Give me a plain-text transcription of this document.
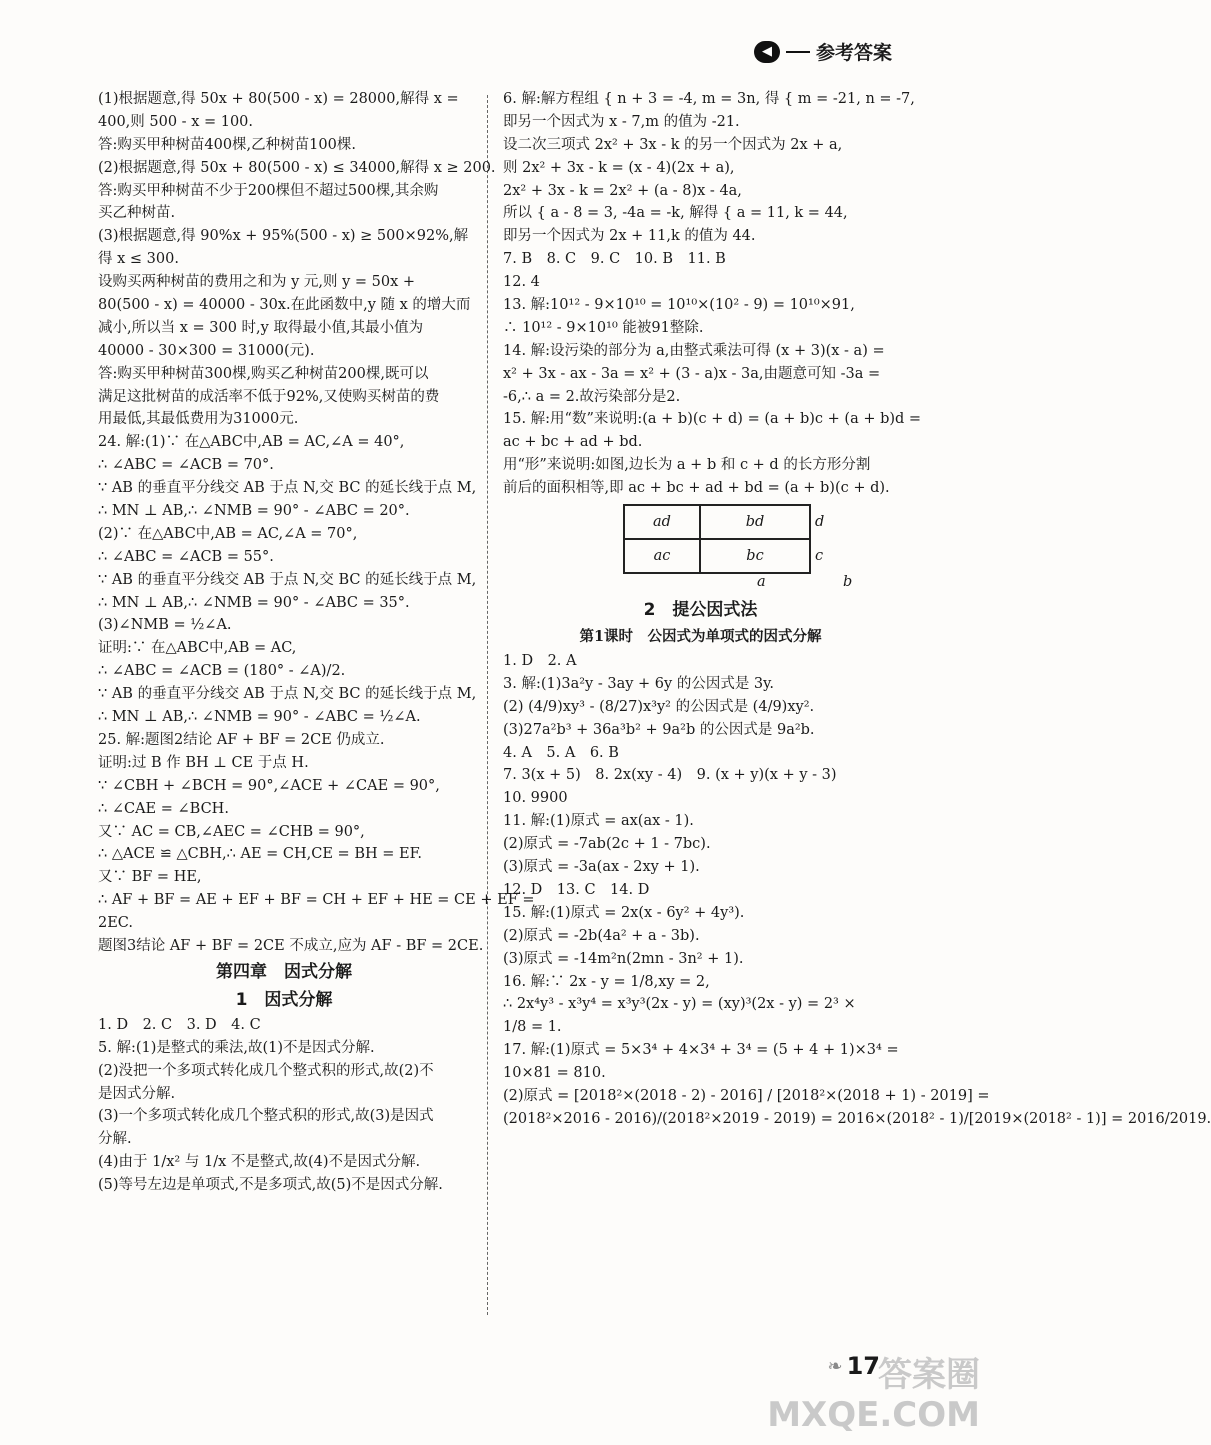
◀	参考答案
(1)根据题意,得 50x + 80(500 - x) = 28000,解得 x =
400,则 500 - x = 100.
答:购买甲种树苗400棵,乙种树苗100棵.
(2)根据题意,得 50x + 80(500 - x) ≤ 34000,解得 x ≥ 200.
答:购买甲种树苗不少于200棵但不超过500棵,其余购
买乙种树苗.
(3)根据题意,得 90%x + 95%(500 - x) ≥ 500×92%,解
得 x ≤ 300.
设购买两种树苗的费用之和为 y 元,则 y = 50x +
80(500 - x) = 40000 - 30x.在此函数中,y 随 x 的增大而
减小,所以当 x = 300 时,y 取得最小值,其最小值为
40000 - 30×300 = 31000(元).
答:购买甲种树苗300棵,购买乙种树苗200棵,既可以
满足这批树苗的成活率不低于92%,又使购买树苗的费
用最低,其最低费用为31000元.
24. 解:(1)∵ 在△ABC中,AB = AC,∠A = 40°,
∴ ∠ABC = ∠ACB = 70°.
∵ AB 的垂直平分线交 AB 于点 N,交 BC 的延长线于点 M,
∴ MN ⊥ AB,∴ ∠NMB = 90° - ∠ABC = 20°.
(2)∵ 在△ABC中,AB = AC,∠A = 70°,
∴ ∠ABC = ∠ACB = 55°.
∵ AB 的垂直平分线交 AB 于点 N,交 BC 的延长线于点 M,
∴ MN ⊥ AB,∴ ∠NMB = 90° - ∠ABC = 35°.
(3)∠NMB = ½∠A.
证明:∵ 在△ABC中,AB = AC,
∴ ∠ABC = ∠ACB = (180° - ∠A)/2.
∵ AB 的垂直平分线交 AB 于点 N,交 BC 的延长线于点 M,
∴ MN ⊥ AB,∴ ∠NMB = 90° - ∠ABC = ½∠A.
25. 解:题图2结论 AF + BF = 2CE 仍成立.
证明:过 B 作 BH ⊥ CE 于点 H.
∵ ∠CBH + ∠BCH = 90°,∠ACE + ∠CAE = 90°,
∴ ∠CAE = ∠BCH.
又∵ AC = CB,∠AEC = ∠CHB = 90°,
∴ △ACE ≌ △CBH,∴ AE = CH,CE = BH = EF.
又∵ BF = HE,
∴ AF + BF = AE + EF + BF = CH + EF + HE = CE + EF =
2EC.
题图3结论 AF + BF = 2CE 不成立,应为 AF - BF = 2CE.
第四章　因式分解
1　因式分解
1. D　2. C　3. D　4. C
5. 解:(1)是整式的乘法,故(1)不是因式分解.
(2)没把一个多项式转化成几个整式积的形式,故(2)不
是因式分解.
(3)一个多项式转化成几个整式积的形式,故(3)是因式
分解.
(4)由于 1/x² 与 1/x 不是整式,故(4)不是因式分解.
(5)等号左边是单项式,不是多项式,故(5)不是因式分解.
6. 解:解方程组 { n + 3 = -4, m = 3n, 得 { m = -21, n = -7,
即另一个因式为 x - 7,m 的值为 -21.
设二次三项式 2x² + 3x - k 的另一个因式为 2x + a,
则 2x² + 3x - k = (x - 4)(2x + a),
2x² + 3x - k = 2x² + (a - 8)x - 4a,
所以 { a - 8 = 3, -4a = -k, 解得 { a = 11, k = 44,
即另一个因式为 2x + 11,k 的值为 44.
7. B　8. C　9. C　10. B　11. B
12. 4
13. 解:10¹² - 9×10¹⁰ = 10¹⁰×(10² - 9) = 10¹⁰×91,
∴ 10¹² - 9×10¹⁰ 能被91整除.
14. 解:设污染的部分为 a,由整式乘法可得 (x + 3)(x - a) =
x² + 3x - ax - 3a = x² + (3 - a)x - 3a,由题意可知 -3a =
-6,∴ a = 2.故污染部分是2.
15. 解:用“数”来说明:(a + b)(c + d) = (a + b)c + (a + b)d =
ac + bc + ad + bd.
用“形”来说明:如图,边长为 a + b 和 c + d 的长方形分割
前后的面积相等,即 ac + bc + ad + bd = (a + b)(c + d).
ad	bd	d
ac	bc	c
a	b
2　提公因式法
第1课时　公因式为单项式的因式分解
1. D　2. A
3. 解:(1)3a²y - 3ay + 6y 的公因式是 3y.
(2) (4/9)xy³ - (8/27)x³y² 的公因式是 (4/9)xy².
(3)27a²b³ + 36a³b² + 9a²b 的公因式是 9a²b.
4. A　5. A　6. B
7. 3(x + 5)　8. 2x(xy - 4)　9. (x + y)(x + y - 3)
10. 9900
11. 解:(1)原式 = ax(ax - 1).
(2)原式 = -7ab(2c + 1 - 7bc).
(3)原式 = -3a(ax - 2xy + 1).
12. D　13. C　14. D
15. 解:(1)原式 = 2x(x - 6y² + 4y³).
(2)原式 = -2b(4a² + a - 3b).
(3)原式 = -14m²n(2mn - 3n² + 1).
16. 解:∵ 2x - y = 1/8,xy = 2,
∴ 2x⁴y³ - x³y⁴ = x³y³(2x - y) = (xy)³(2x - y) = 2³ ×
1/8 = 1.
17. 解:(1)原式 = 5×3⁴ + 4×3⁴ + 3⁴ = (5 + 4 + 1)×3⁴ =
10×81 = 810.
(2)原式 = [2018²×(2018 - 2) - 2016] / [2018²×(2018 + 1) - 2019] =
(2018²×2016 - 2016)/(2018²×2019 - 2019) = 2016×(2018² - 1)/[2019×(2018² - 1)] = 2016/2019.
❧ 17
答案圈
MXQE.COM
